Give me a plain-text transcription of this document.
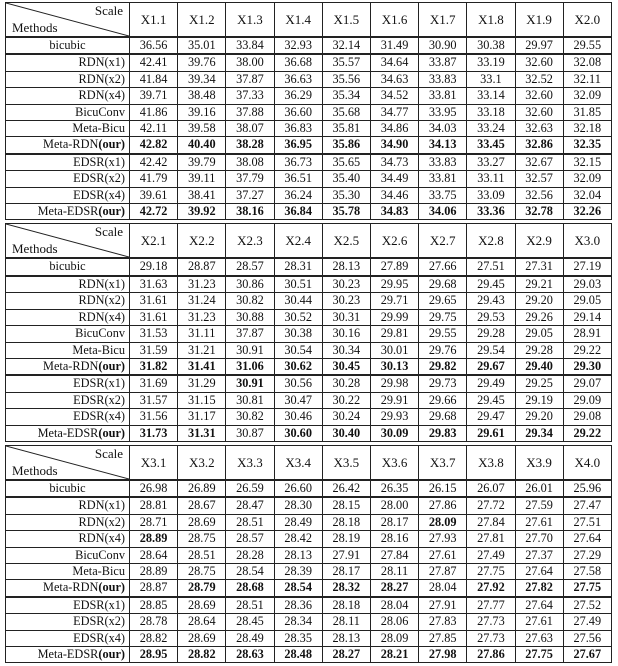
Scale
Methods	X1.1	X1.2	X1.3	X1.4	X1.5	X1.6	X1.7	X1.8	X1.9	X2.0
bicubic	36.56	35.01	33.84	32.93	32.14	31.49	30.90	30.38	29.97	29.55
RDN(x1)	42.41	39.76	38.00	36.68	35.57	34.64	33.87	33.19	32.60	32.08
RDN(x2)	41.84	39.34	37.87	36.63	35.56	34.63	33.83	33.1	32.52	32.11
RDN(x4)	39.71	38.48	37.33	36.29	35.34	34.52	33.81	33.14	32.60	32.09
BicuConv	41.86	39.16	37.88	36.60	35.68	34.77	33.95	33.18	32.60	31.85
Meta-Bicu	42.11	39.58	38.07	36.83	35.81	34.86	34.03	33.24	32.63	32.18
Meta-RDN(our)	42.82	40.40	38.28	36.95	35.86	34.90	34.13	33.45	32.86	32.35
EDSR(x1)	42.42	39.79	38.08	36.73	35.65	34.73	33.83	33.27	32.67	32.15
EDSR(x2)	41.79	39.11	37.79	36.51	35.40	34.49	33.81	33.11	32.57	32.09
EDSR(x4)	39.61	38.41	37.27	36.24	35.30	34.46	33.75	33.09	32.56	32.04
Meta-EDSR(our)	42.72	39.92	38.16	36.84	35.78	34.83	34.06	33.36	32.78	32.26
Scale
Methods	X2.1	X2.2	X2.3	X2.4	X2.5	X2.6	X2.7	X2.8	X2.9	X3.0
bicubic	29.18	28.87	28.57	28.31	28.13	27.89	27.66	27.51	27.31	27.19
RDN(x1)	31.63	31.23	30.86	30.51	30.23	29.95	29.68	29.45	29.21	29.03
RDN(x2)	31.61	31.24	30.82	30.44	30.23	29.71	29.65	29.43	29.20	29.05
RDN(x4)	31.61	31.23	30.88	30.52	30.31	29.99	29.75	29.53	29.26	29.14
BicuConv	31.53	31.11	37.87	30.38	30.16	29.81	29.55	29.28	29.05	28.91
Meta-Bicu	31.59	31.21	30.91	30.54	30.34	30.01	29.76	29.54	29.28	29.22
Meta-RDN(our)	31.82	31.41	31.06	30.62	30.45	30.13	29.82	29.67	29.40	29.30
EDSR(x1)	31.69	31.29	30.91	30.56	30.28	29.98	29.73	29.49	29.25	29.07
EDSR(x2)	31.57	31.15	30.81	30.47	30.22	29.91	29.66	29.45	29.19	29.09
EDSR(x4)	31.56	31.17	30.82	30.46	30.24	29.93	29.68	29.47	29.20	29.08
Meta-EDSR(our)	31.73	31.31	30.87	30.60	30.40	30.09	29.83	29.61	29.34	29.22
Scale
Methods	X3.1	X3.2	X3.3	X3.4	X3.5	X3.6	X3.7	X3.8	X3.9	X4.0
bicubic	26.98	26.89	26.59	26.60	26.42	26.35	26.15	26.07	26.01	25.96
RDN(x1)	28.81	28.67	28.47	28.30	28.15	28.00	27.86	27.72	27.59	27.47
RDN(x2)	28.71	28.69	28.51	28.49	28.18	28.17	28.09	27.84	27.61	27.51
RDN(x4)	28.89	28.75	28.57	28.42	28.19	28.16	27.93	27.81	27.70	27.64
BicuConv	28.64	28.51	28.28	28.13	27.91	27.84	27.61	27.49	27.37	27.29
Meta-Bicu	28.89	28.75	28.54	28.39	28.17	28.11	27.87	27.75	27.64	27.58
Meta-RDN(our)	28.87	28.79	28.68	28.54	28.32	28.27	28.04	27.92	27.82	27.75
EDSR(x1)	28.85	28.69	28.51	28.36	28.18	28.04	27.91	27.77	27.64	27.52
EDSR(x2)	28.78	28.64	28.45	28.34	28.11	28.06	27.83	27.73	27.61	27.49
EDSR(x4)	28.82	28.69	28.49	28.35	28.13	28.09	27.85	27.73	27.63	27.56
Meta-EDSR(our)	28.95	28.82	28.63	28.48	28.27	28.21	27.98	27.86	27.75	27.67
